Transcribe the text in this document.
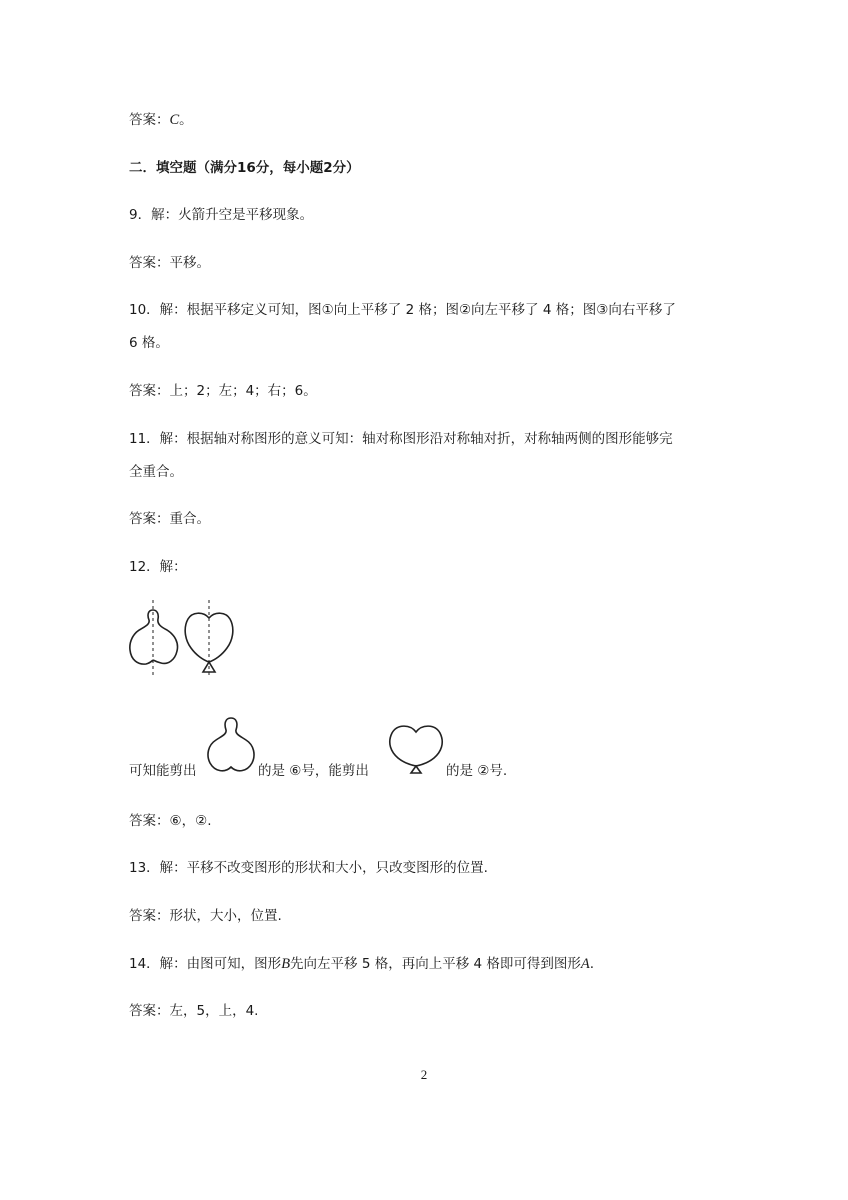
答案：C。
二．填空题（满分16分，每小题2分）
9．解：火箭升空是平移现象。
答案：平移。
10．解：根据平移定义可知，图①向上平移了 2 格；图②向左平移了 4 格；图③向右平移了
6 格。
答案：上；2；左；4；右；6。
11．解：根据轴对称图形的意义可知：轴对称图形沿对称轴对折，对称轴两侧的图形能够完
全重合。
答案：重合。
12．解：
可知能剪出	的是 ⑥号，能剪出	的是 ②号.
答案：⑥，②.
13．解：平移不改变图形的形状和大小，只改变图形的位置.
答案：形状，大小，位置.
14．解：由图可知，图形B先向左平移 5 格，再向上平移 4 格即可得到图形A.
答案：左，5，上，4.
2
